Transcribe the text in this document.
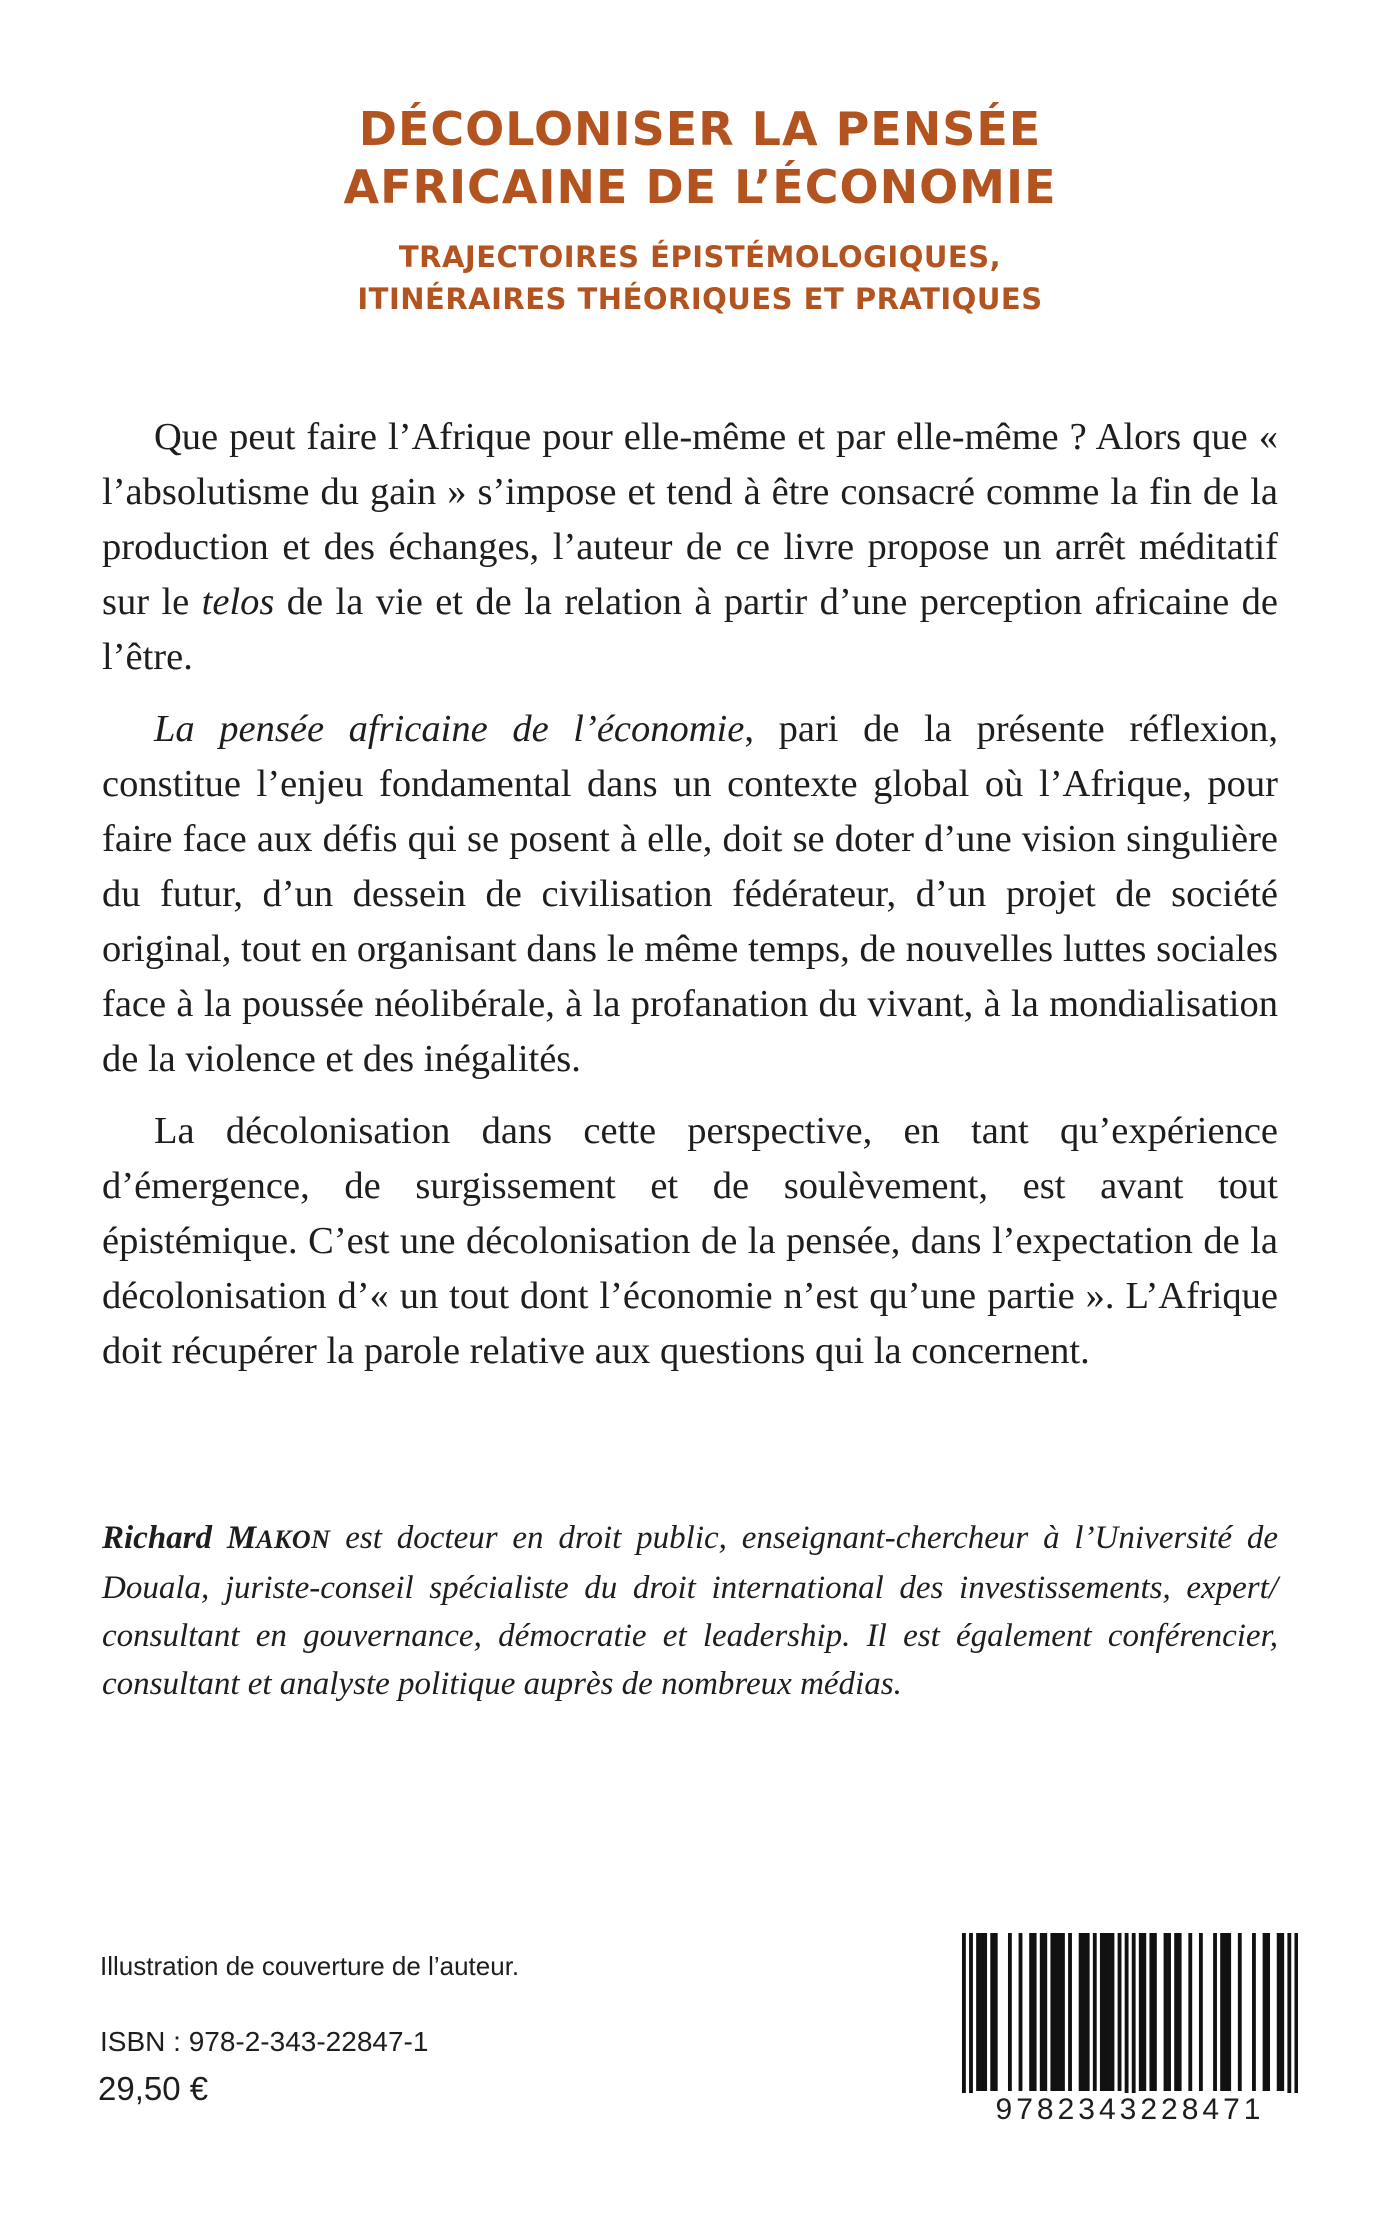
DÉCOLONISER LA PENSÉE
AFRICAINE DE L’ÉCONOMIE
TRAJECTOIRES ÉPISTÉMOLOGIQUES,
ITINÉRAIRES THÉORIQUES ET PRATIQUES

Que peut faire l’Afrique pour elle-même et par elle-même ? Alors que « l’absolutisme du gain » s’impose et tend à être consacré comme la fin de la production et des échanges, l’auteur de ce livre propose un arrêt méditatif sur le telos de la vie et de la relation à partir d’une perception africaine de l’être.

La pensée africaine de l’économie, pari de la présente réflexion, constitue l’enjeu fondamental dans un contexte global où l’Afrique, pour faire face aux défis qui se posent à elle, doit se doter d’une vision singulière du futur, d’un dessein de civilisation fédérateur, d’un projet de société original, tout en organisant dans le même temps, de nouvelles luttes sociales face à la poussée néolibérale, à la profanation du vivant, à la mondialisation de la violence et des inégalités.

La décolonisation dans cette perspective, en tant qu’expérience d’émergence, de surgissement et de soulèvement, est avant tout épistémique. C’est une décolonisation de la pensée, dans l’expectation de la décolonisation d’« un tout dont l’économie n’est qu’une partie ». L’Afrique doit récupérer la parole relative aux questions qui la concernent.

Richard MAKON est docteur en droit public, enseignant-chercheur à l’Université de Douala, juriste-conseil spécialiste du droit international des investissements, expert/ consultant en gouvernance, démocratie et leadership. Il est également conférencier, consultant et analyste politique auprès de nombreux médias.
Illustration de couverture de l’auteur.
ISBN : 978-2-343-22847-1
29,50 €
9782343228471
